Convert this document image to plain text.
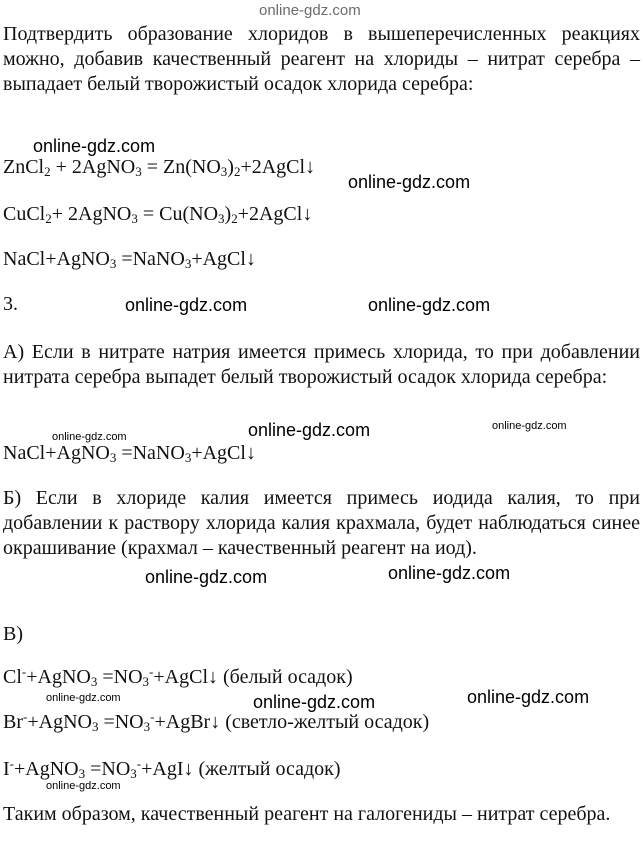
online-gdz.com
Подтвердить образование хлоридов в вышеперечисленных реакциях можно, добавив качественный реагент на хлориды – нитрат серебра – выпадает белый творожистый осадок хлорида серебра:
online-gdz.com
ZnCl$_2$ + 2AgNO$_3$ = $Zn(NO_3)_2+2AgCl↓$
online-gdz.com
CuCl$_2$+ 2AgNO$_3$ = $Cu(NO_3)_2+2AgCl↓$
NaCl+AgNO$_3$ =NaNO$_3$+AgCl↓
3.	online-gdz.com	online-gdz.com
А) Если в нитрате натрия имеется примесь хлорида, то при добавлении нитрата серебра выпадет белый творожистый осадок хлорида серебра:
online-gdz.com	online-gdz.com	online-gdz.com
NaCl+AgNO$_3$ =NaNO$_3$+AgCl↓
Б) Если в хлориде калия имеется примесь иодида калия, то при добавлении к раствору хлорида калия крахмала, будет наблюдаться синее окрашивание (крахмал – качественный реагент на иод).
online-gdz.com	online-gdz.com
В)
Cl-+AgNO$_3$ $=NO_3^-+AgCl↓$ (белый осадок)
online-gdz.com	online-gdz.com	online-gdz.com
Br-+AgNO$_3$ $=NO_3^-+AgBr↓$ (светло-желтый осадок)
I-+AgNO$_3$ $=NO_3^-+AgI↓$ (желтый осадок)
online-gdz.com
Таким образом, качественный реагент на галогениды – нитрат серебра.
